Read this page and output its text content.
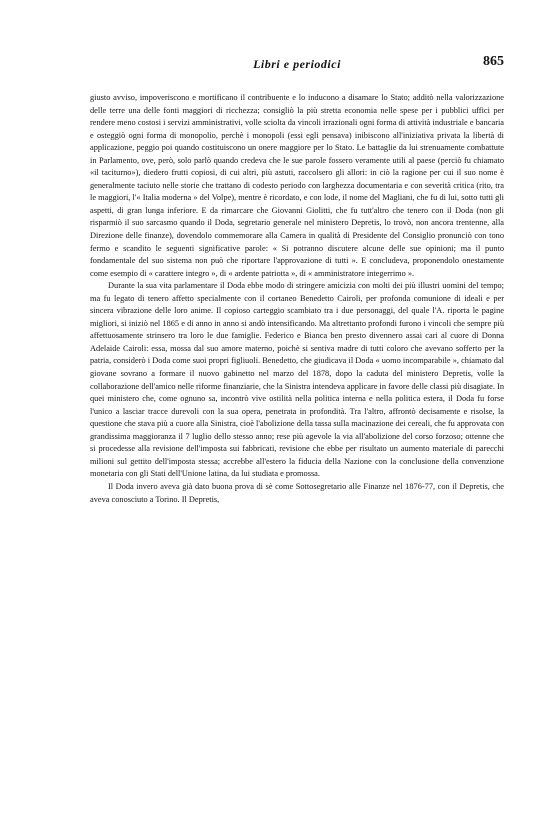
Libri e periodici	865

giusto avviso, impoveriscono e mortificano il contribuente e lo inducono a disamare lo Stato; additò nella valorizzazione delle terre una delle fonti maggiori di ricchezza; consigliò la più stretta economia nelle spese per i pubblici uffici per rendere meno costosi i servizi amministrativi, volle sciolta da vincoli irrazionali ogni forma di attività industriale e bancaria e osteggiò ogni forma di monopolio, perchè i monopoli (essi egli pensava) inibiscono all'iniziativa privata la libertà di applicazione, peggio poi quando costituiscono un onere maggiore per lo Stato. Le battaglie da lui strenuamente combattute in Parlamento, ove, però, solo parlò quando credeva che le sue parole fossero veramente utili al paese (perciò fu chiamato «il taciturno»), diedero frutti copiosi, di cui altri, più astuti, raccolsero gli allori: in ciò la ragione per cui il suo nome è generalmente taciuto nelle storie che trattano di codesto periodo con larghezza documentaria e con severità critica (rito, tra le maggiori, l'« Italia moderna » del Volpe), mentre è ricordato, e con lode, il nome del Magliani, che fu di lui, sotto tutti gli aspetti, di gran lunga inferiore. E da rimarcare che Giovanni Giolitti, che fu tutt'altro che tenero con il Doda (non gli risparmiò il suo sarcasmo quando il Doda, segretario generale nel ministero Depretis, lo trovò, non ancora trentenne, alla Direzione delle finanze), dovendolo commemorare alla Camera in qualità di Presidente del Consiglio pronunciò con tono fermo e scandito le seguenti significative parole: « Si potranno discutere alcune delle sue opinioni; ma il punto fondamentale del suo sistema non può che riportare l'approvazione di tutti ». E concludeva, proponendolo onestamente come esempio di « carattere integro », di « ardente patriotta », di « amministratore integerrimo ».

Durante la sua vita parlamentare il Doda ebbe modo di stringere amicizia con molti dei più illustri uomini del tempo; ma fu legato di tenero affetto specialmente con il cortaneo Benedetto Cairoli, per profonda comunione di ideali e per sincera vibrazione delle loro anime. Il copioso carteggio scambiato tra i due personaggi, del quale l'A. riporta le pagine migliori, si iniziò nel 1865 e di anno in anno si andò intensificando. Ma altrettanto profondi furono i vincoli che sempre più affettuosamente strinsero tra loro le due famiglie. Federico e Bianca ben presto divennero assai cari al cuore di Donna Adelaide Cairoli: essa, mossa dal suo amore materno, poichè si sentiva madre di tutti coloro che avevano sofferto per la patria, considerò i Doda come suoi propri figliuoli. Benedetto, che giudicava il Doda « uomo incomparabile », chiamato dal giovane sovrano a formare il nuovo gabinetto nel marzo del 1878, dopo la caduta del ministero Depretis, volle la collaborazione dell'amico nelle riforme finanziarie, che la Sinistra intendeva applicare in favore delle classi più disagiate. In quei ministero che, come ognuno sa, incontrò vive ostilità nella politica interna e nella politica estera, il Doda fu forse l'unico a lasciar tracce durevoli con la sua opera, penetrata in profondità. Tra l'altro, affrontò decisamente e risolse, la questione che stava più a cuore alla Sinistra, cioè l'abolizione della tassa sulla macinazione dei cereali, che fu approvata con grandissima maggioranza il 7 luglio dello stesso anno; rese più agevole la via all'abolizione del corso forzoso; ottenne che si procedesse alla revisione dell'imposta sui fabbricati, revisione che ebbe per risultato un aumento materiale di parecchi milioni sul gettito dell'imposta stessa; accrebbe all'estero la fiducia della Nazione con la conclusione della convenzione monetaria con gli Stati dell'Unione latina, da lui studiata e promossa.

Il Doda invero aveva già dato buona prova di sè come Sottosegretario alle Finanze nel 1876-77, con il Depretis, che aveva conosciuto a Torino. Il Depretis,
